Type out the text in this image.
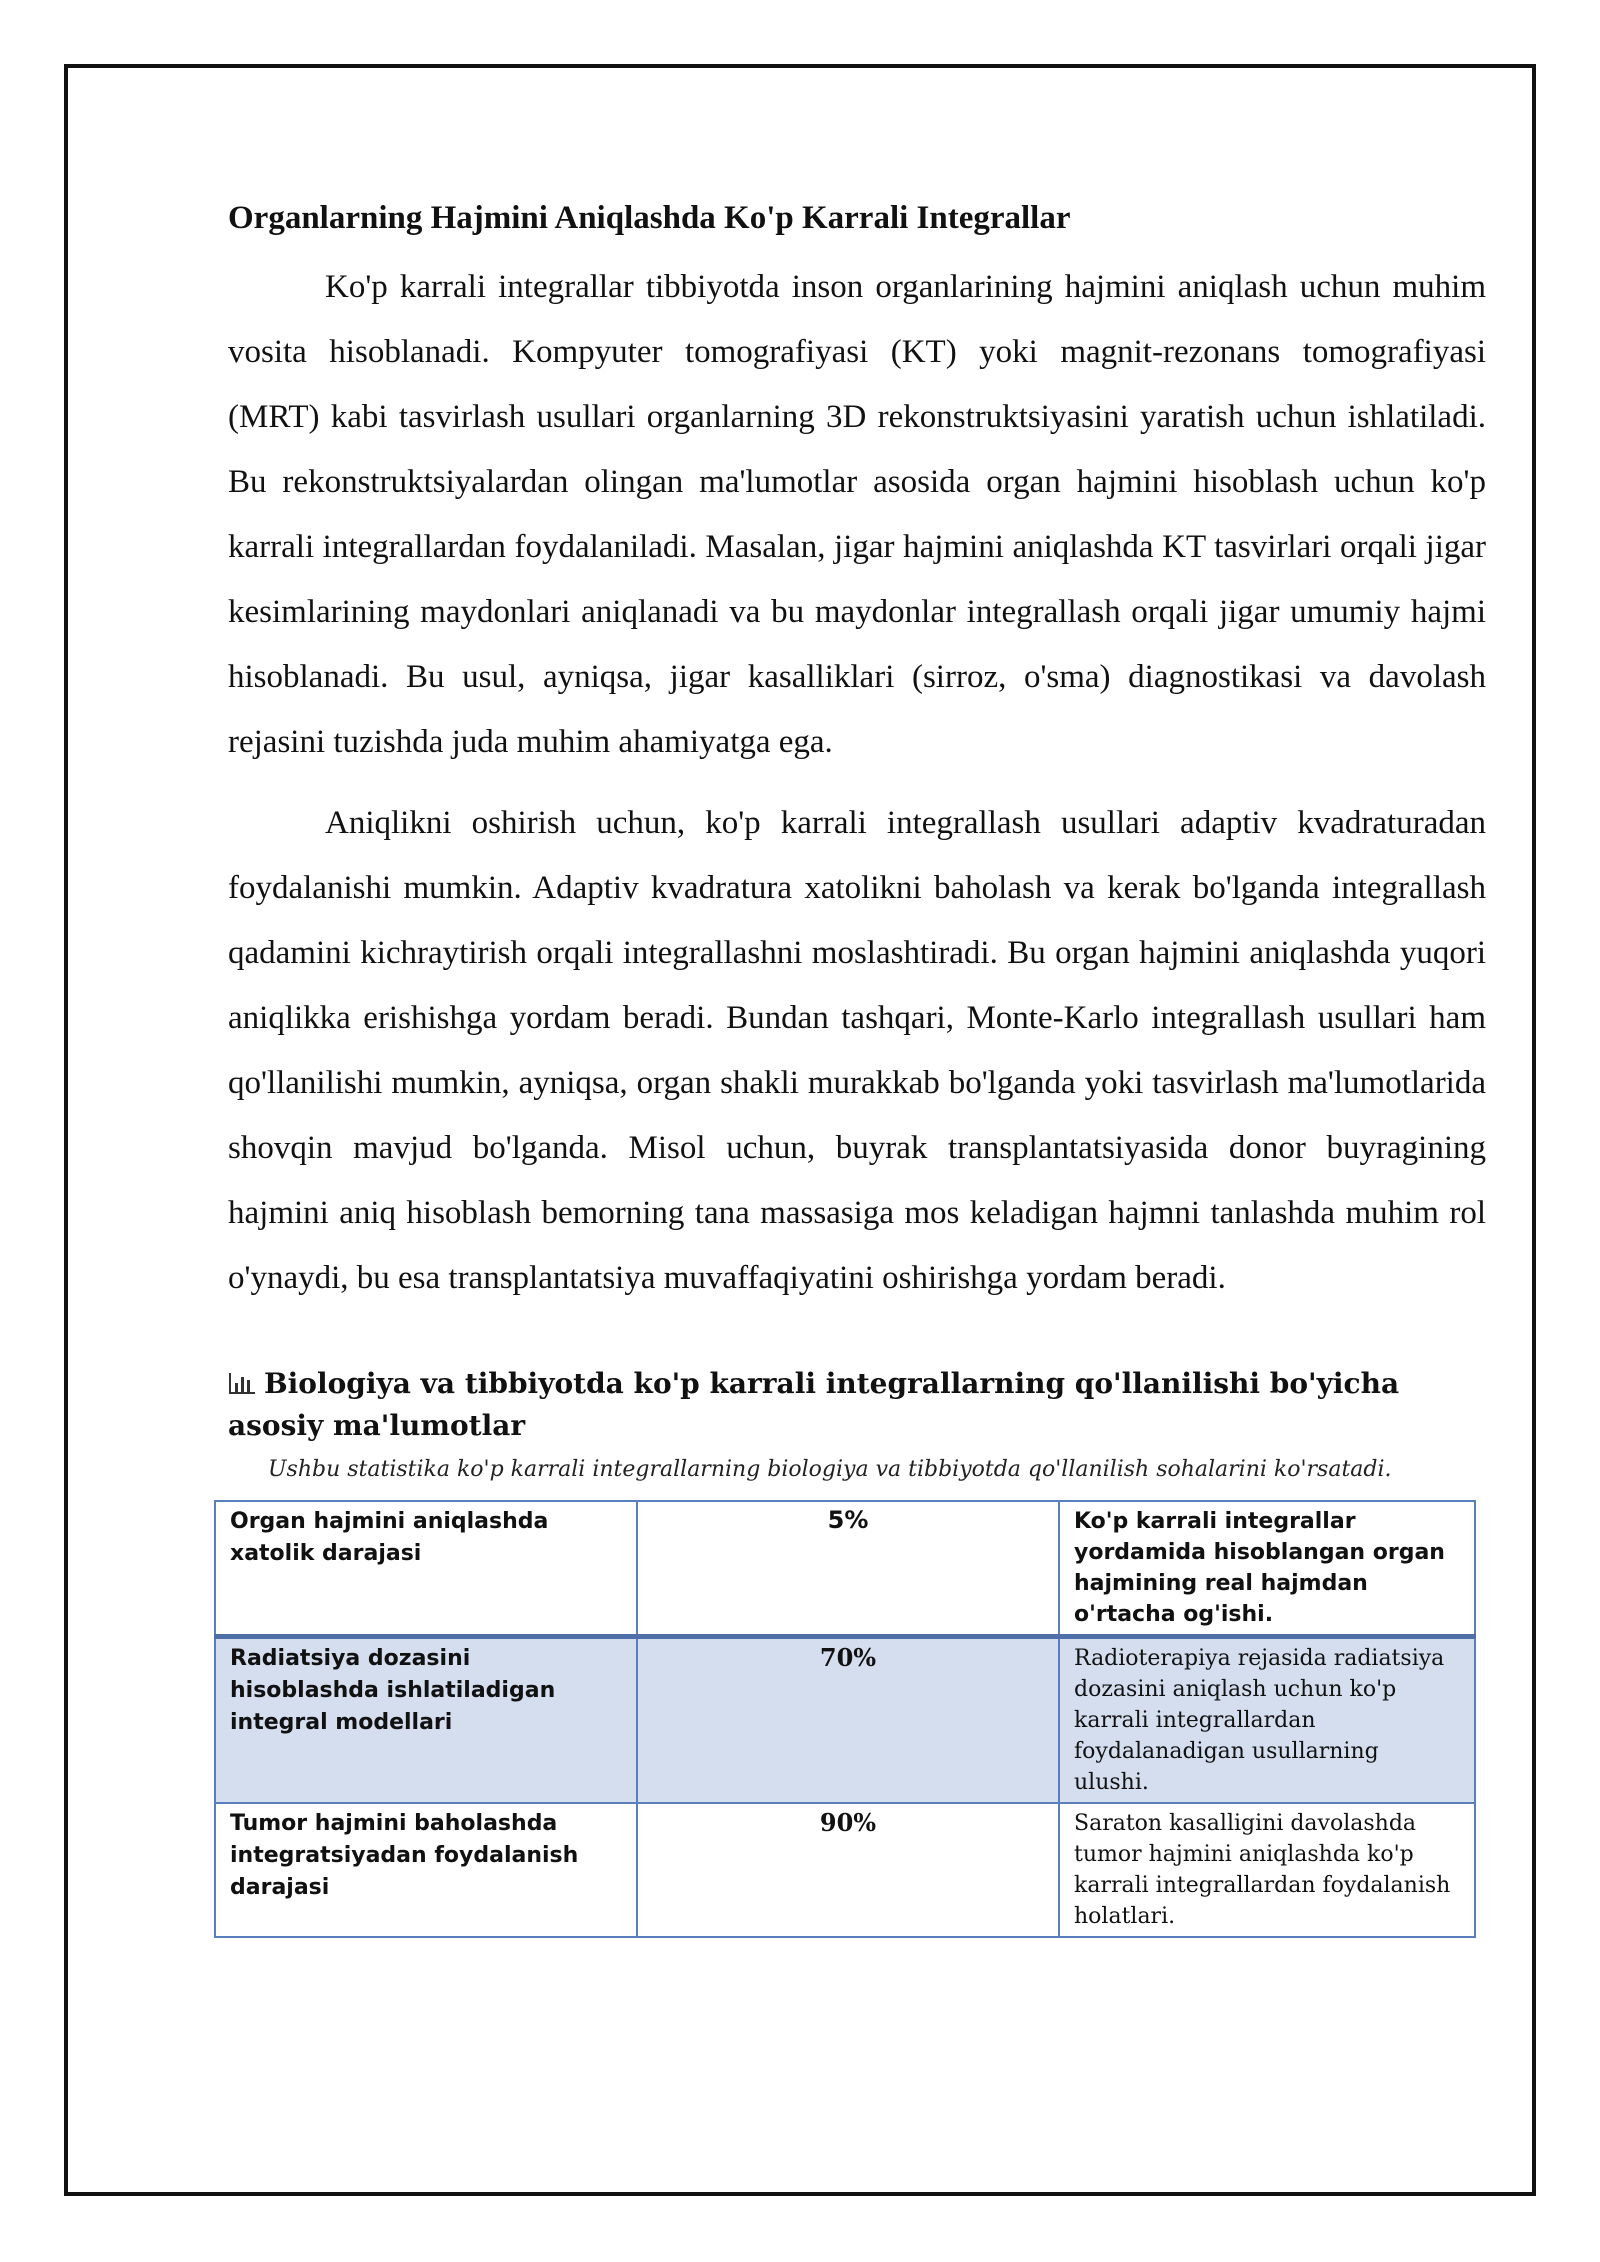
Organlarning Hajmini Aniqlashda Ko'p Karrali Integrallar

Ko'p karrali integrallar tibbiyotda inson organlarining hajmini aniqlash uchun muhim vosita hisoblanadi. Kompyuter tomografiyasi (KT) yoki magnit-rezonans tomografiyasi (MRT) kabi tasvirlash usullari organlarning 3D rekonstruktsiyasini yaratish uchun ishlatiladi. Bu rekonstruktsiyalardan olingan ma'lumotlar asosida organ hajmini hisoblash uchun ko'p karrali integrallardan foydalaniladi. Masalan, jigar hajmini aniqlashda KT tasvirlari orqali jigar kesimlarining maydonlari aniqlanadi va bu maydonlar integrallash orqali jigar umumiy hajmi hisoblanadi. Bu usul, ayniqsa, jigar kasalliklari (sirroz, o'sma) diagnostikasi va davolash rejasini tuzishda juda muhim ahamiyatga ega.

Aniqlikni oshirish uchun, ko'p karrali integrallash usullari adaptiv kvadraturadan foydalanishi mumkin. Adaptiv kvadratura xatolikni baholash va kerak bo'lganda integrallash qadamini kichraytirish orqali integrallashni moslashtiradi. Bu organ hajmini aniqlashda yuqori aniqlikka erishishga yordam beradi. Bundan tashqari, Monte-Karlo integrallash usullari ham qo'llanilishi mumkin, ayniqsa, organ shakli murakkab bo'lganda yoki tasvirlash ma'lumotlarida shovqin mavjud bo'lganda. Misol uchun, buyrak transplantatsiyasida donor buyragining hajmini aniq hisoblash bemorning tana massasiga mos keladigan hajmni tanlashda muhim rol o'ynaydi, bu esa transplantatsiya muvaffaqiyatini oshirishga yordam beradi.

Biologiya va tibbiyotda ko'p karrali integrallarning qo'llanilishi bo'yicha asosiy ma'lumotlar
Ushbu statistika ko'p karrali integrallarning biologiya va tibbiyotda qo'llanilish sohalarini ko'rsatadi.
Organ hajmini aniqlashda xatolik darajasi	5%	Ko'p karrali integrallar yordamida hisoblangan organ hajmining real hajmdan o'rtacha og'ishi.
Radiatsiya dozasini hisoblashda ishlatiladigan integral modellari	70%	Radioterapiya rejasida radiatsiya dozasini aniqlash uchun ko'p karrali integrallardan foydalanadigan usullarning ulushi.
Tumor hajmini baholashda integratsiyadan foydalanish darajasi	90%	Saraton kasalligini davolashda tumor hajmini aniqlashda ko'p karrali integrallardan foydalanish holatlari.
